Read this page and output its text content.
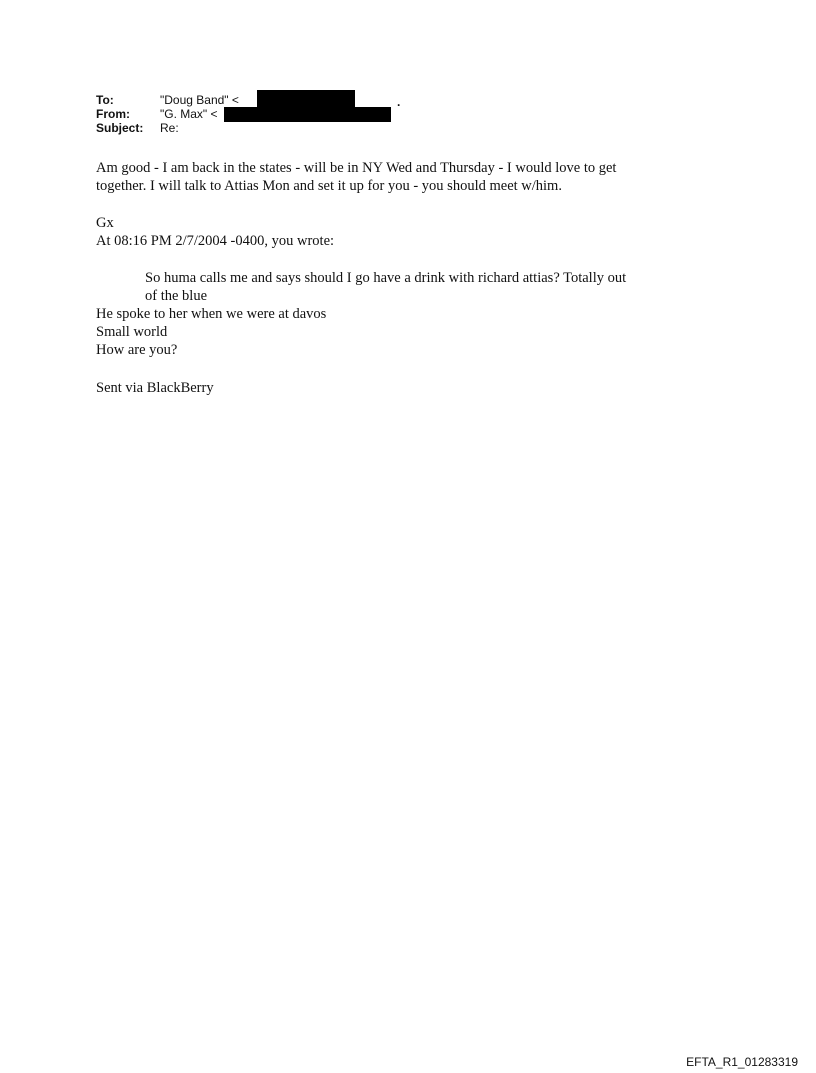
To:	"Doug Band" <	.
From:	"G. Max" <
Subject: Re:
Am good - I am back in the states - will be in NY Wed and Thursday - I would love to get
together. I will talk to Attias Mon and set it up for you - you should meet w/him.
Gx
At 08:16 PM 2/7/2004 -0400, you wrote:
So huma calls me and says should I go have a drink with richard attias? Totally out
of the blue
He spoke to her when we were at davos
Small world
How are you?
Sent via BlackBerry
EFTA_R1_01283319
